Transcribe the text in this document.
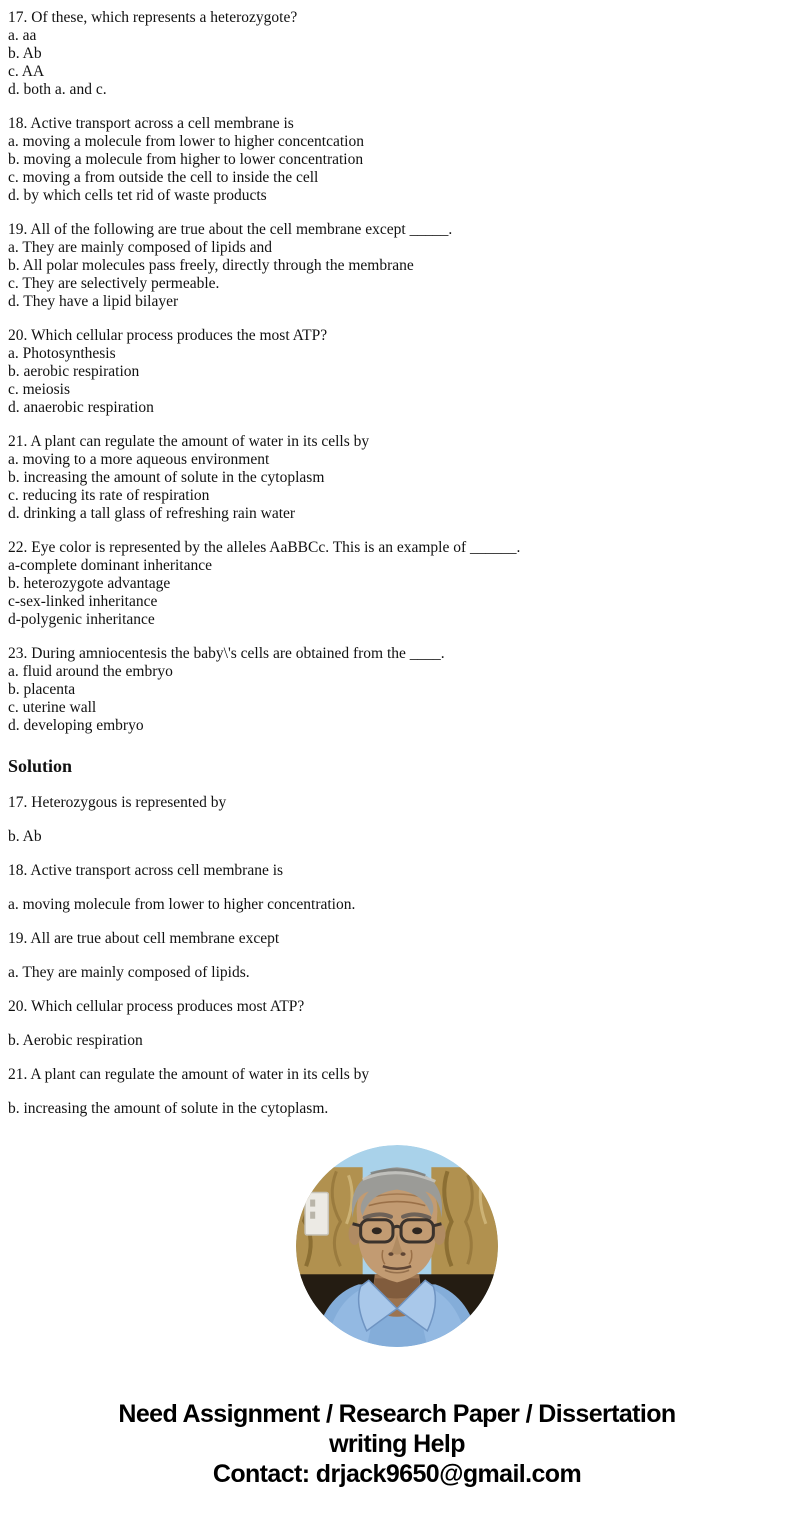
17. Of these, which represents a heterozygote?
a. aa
b. Ab
c. AA
d. both a. and c.

18. Active transport across a cell membrane is
a. moving a molecule from lower to higher concentcation
b. moving a molecule from higher to lower concentration
c. moving a from outside the cell to inside the cell
d. by which cells tet rid of waste products

19. All of the following are true about the cell membrane except _____.
a. They are mainly composed of lipids and
b. All polar molecules pass freely, directly through the membrane
c. They are selectively permeable.
d. They have a lipid bilayer

20. Which cellular process produces the most ATP?
a. Photosynthesis
b. aerobic respiration
c. meiosis
d. anaerobic respiration

21. A plant can regulate the amount of water in its cells by
a. moving to a more aqueous environment
b. increasing the amount of solute in the cytoplasm
c. reducing its rate of respiration
d. drinking a tall glass of refreshing rain water

22. Eye color is represented by the alleles AaBBCc. This is an example of ______.
a-complete dominant inheritance
b. heterozygote advantage
c-sex-linked inheritance
d-polygenic inheritance

23. During amniocentesis the baby\'s cells are obtained from the ____.
a. fluid around the embryo
b. placenta
c. uterine wall
d. developing embryo

Solution

17. Heterozygous is represented by

b. Ab

18. Active transport across cell membrane is

a. moving molecule from lower to higher concentration.

19. All are true about cell membrane except

a. They are mainly composed of lipids.

20. Which cellular process produces most ATP?

b. Aerobic respiration

21. A plant can regulate the amount of water in its cells by

b. increasing the amount of solute in the cytoplasm.

Need Assignment / Research Paper / Dissertation
writing Help
Contact: drjack9650@gmail.com
